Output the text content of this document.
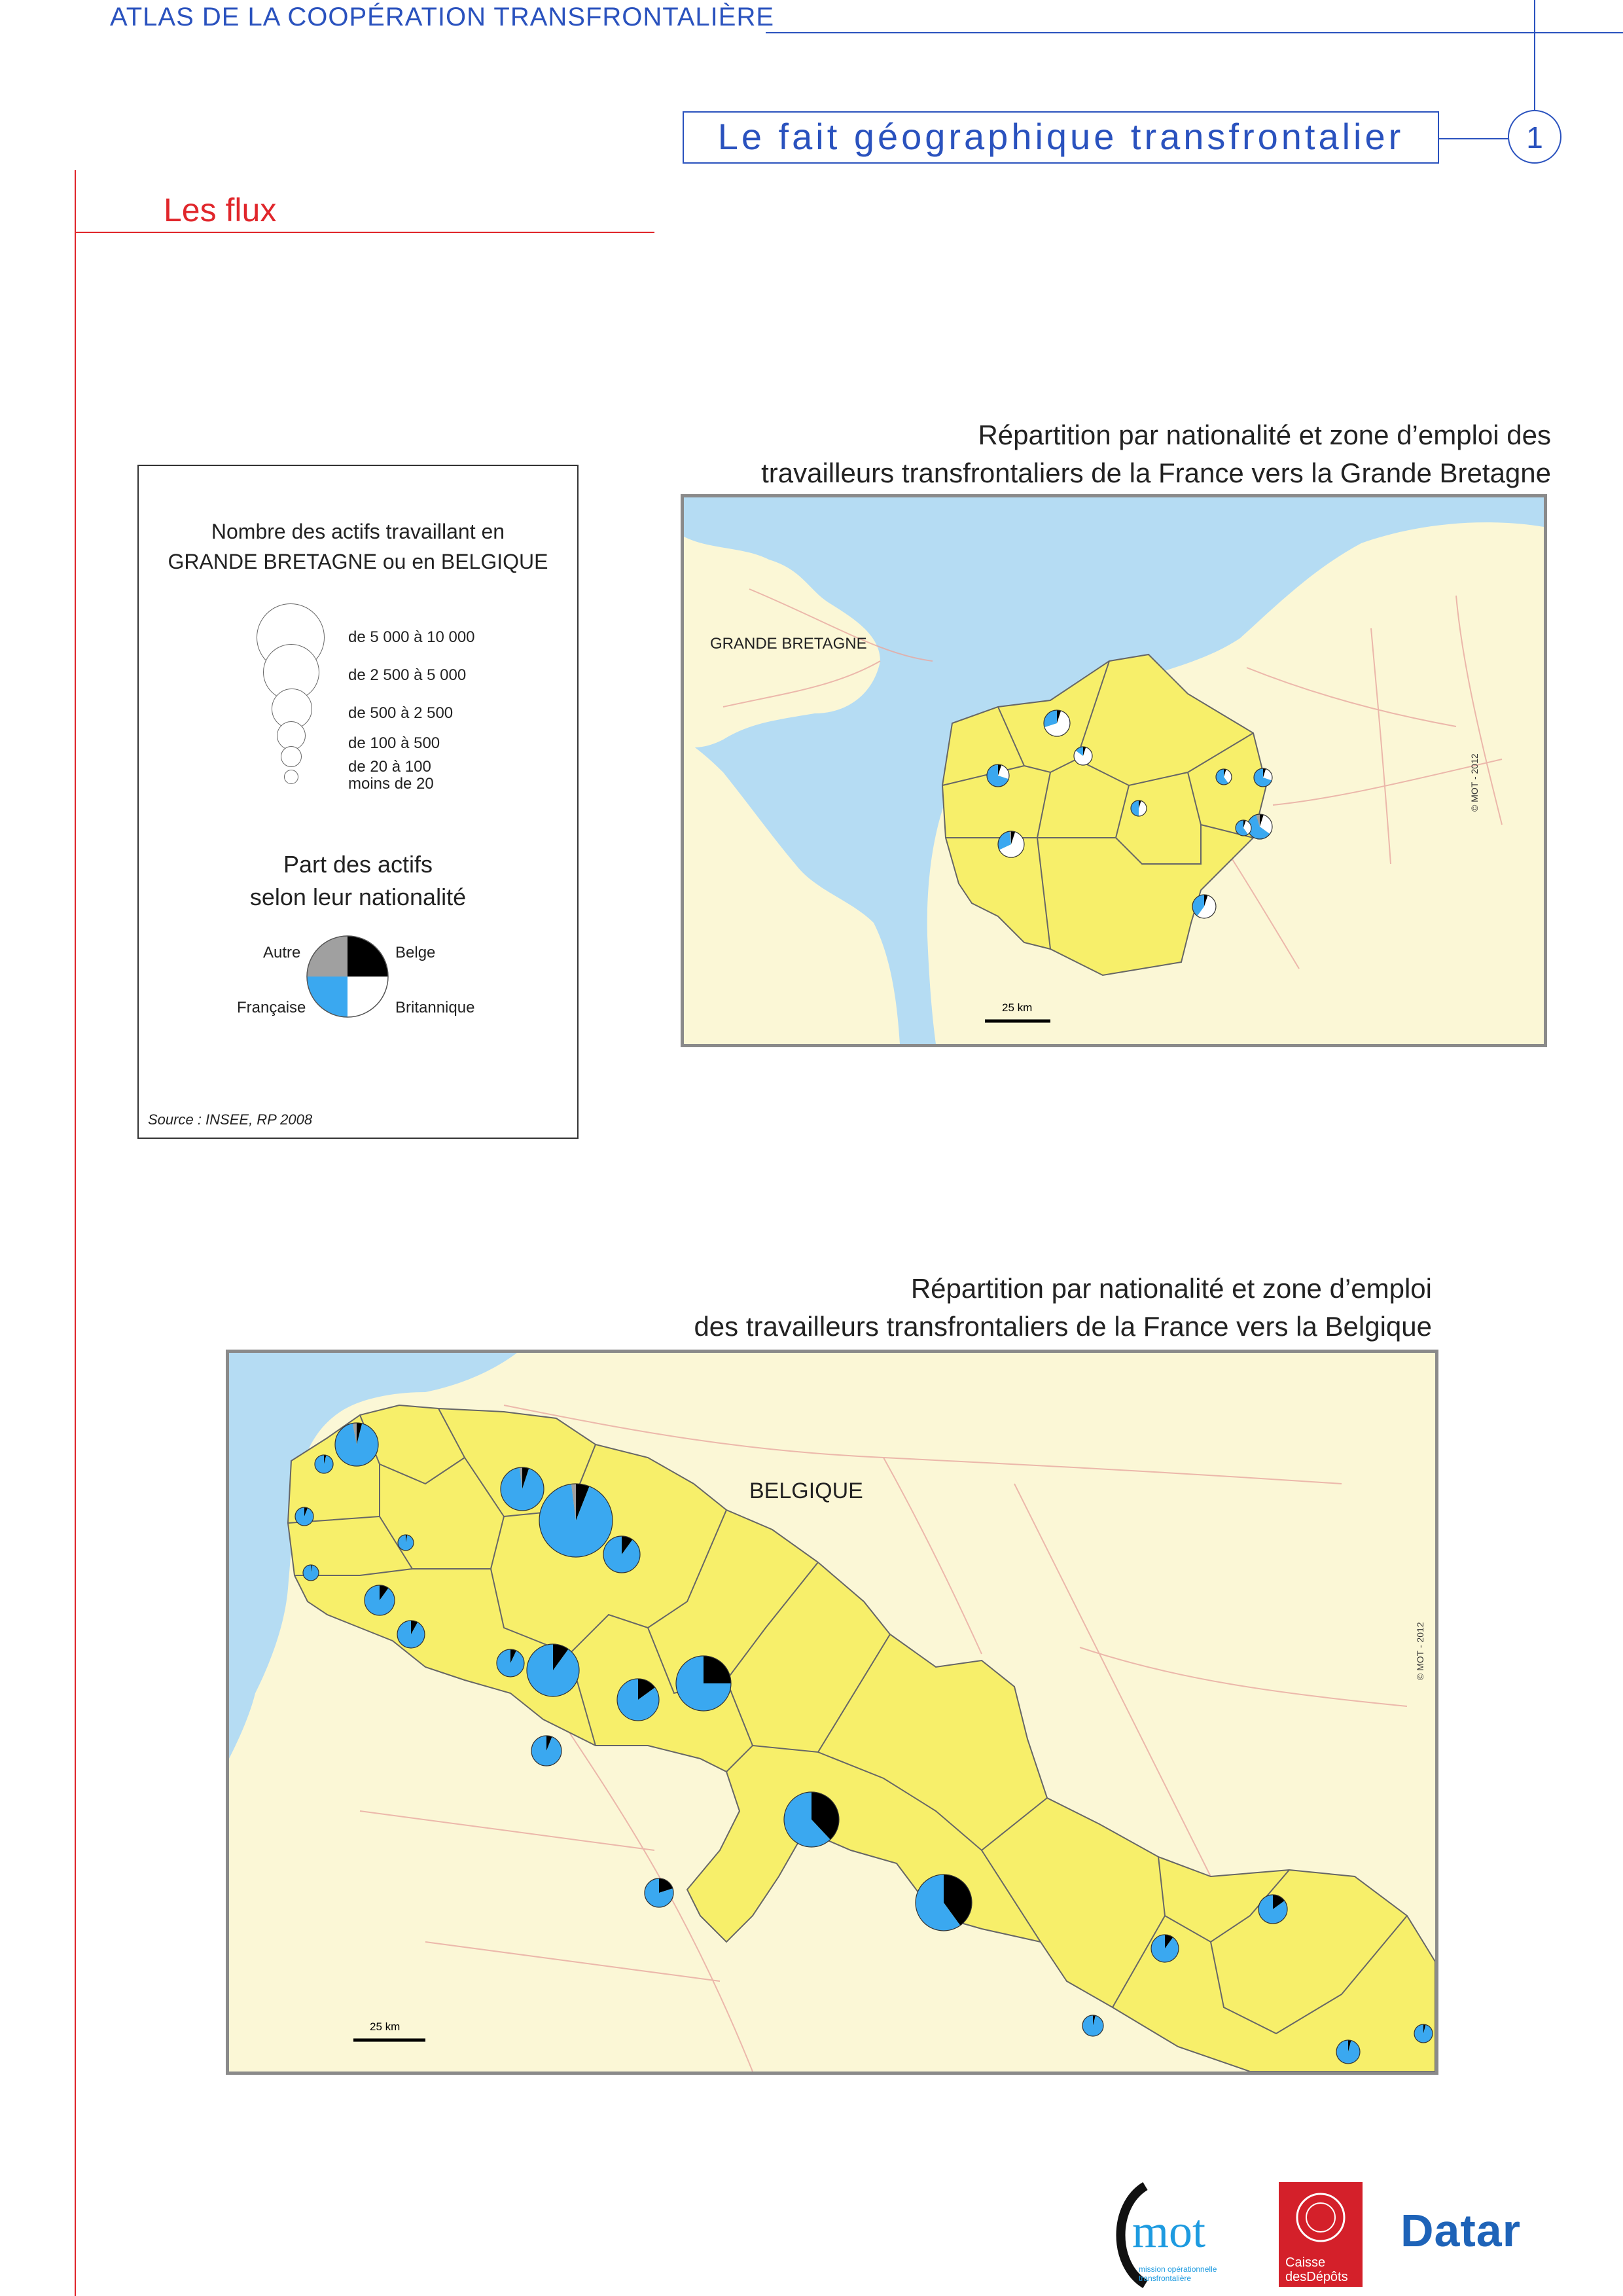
ATLAS DE LA COOPÉRATION TRANSFRONTALIÈRE
Le fait géographique transfrontalier	1
Les flux
Répartition par nationalité et zone d’emploi des
travailleurs transfrontaliers de la France vers la Grande Bretagne
Nombre des actifs travaillant en
GRANDE BRETAGNE ou en BELGIQUE
de 5 000 à 10 000
de 2 500 à 5 000
de 500 à 2 500
de 100 à 500
de 20 à 100
moins de 20
Part des actifs
selon leur nationalité
Autre	Belge
Française	Britannique
Source : INSEE, RP 2008
GRANDE BRETAGNE
25 km
© MOT - 2012
Répartition par nationalité et zone d’emploi
des travailleurs transfrontaliers de la France vers la Belgique
BELGIQUE
25 km
© MOT - 2012
mot
mission opérationnelle transfrontalière
Caisse
desDépôts
Datar
